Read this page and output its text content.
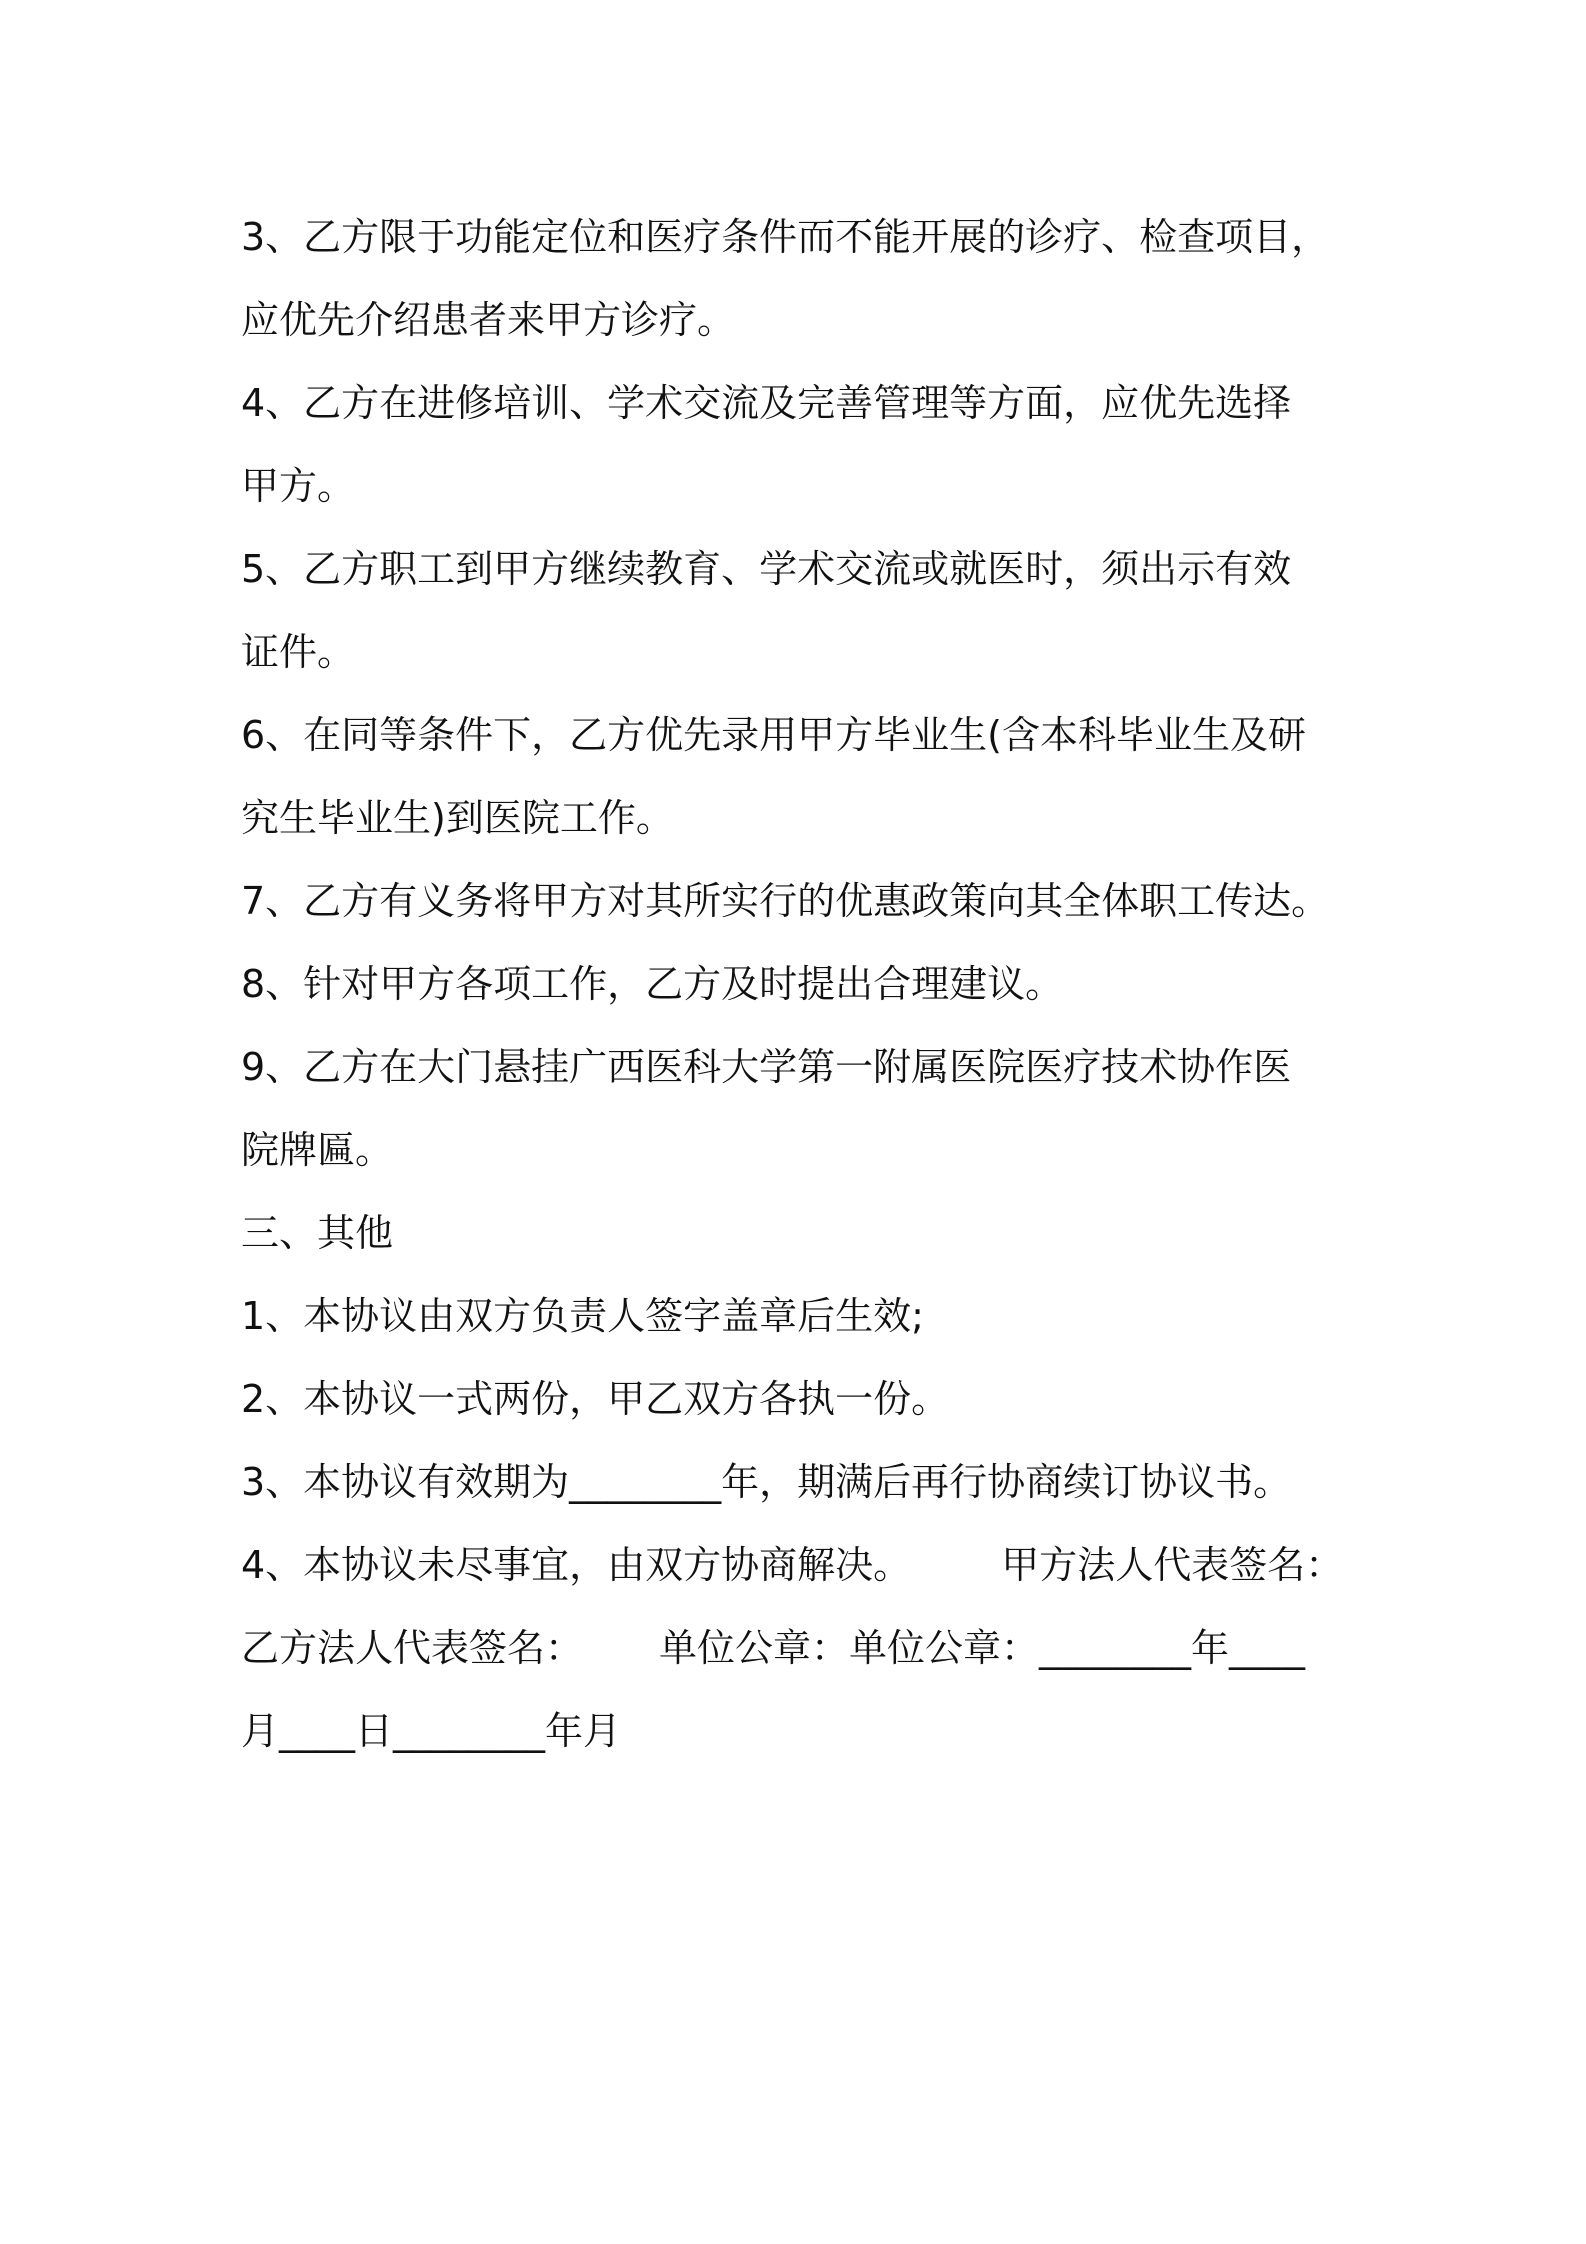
3、乙方限于功能定位和医疗条件而不能开展的诊疗、检查项目，
应优先介绍患者来甲方诊疗。
4、乙方在进修培训、学术交流及完善管理等方面，应优先选择
甲方。
5、乙方职工到甲方继续教育、学术交流或就医时，须出示有效
证件。
6、在同等条件下，乙方优先录用甲方毕业生(含本科毕业生及研
究生毕业生)到医院工作。
7、乙方有义务将甲方对其所实行的优惠政策向其全体职工传达。
8、针对甲方各项工作，乙方及时提出合理建议。
9、乙方在大门悬挂广西医科大学第一附属医院医疗技术协作医
院牌匾。
三、其他
1、本协议由双方负责人签字盖章后生效;
2、本协议一式两份，甲乙双方各执一份。
3、本协议有效期为________年，期满后再行协商续订协议书。
4、本协议未尽事宜，由双方协商解决。 甲方法人代表签名：
乙方法人代表签名： 单位公章：单位公章：________年____
月____日________年月
